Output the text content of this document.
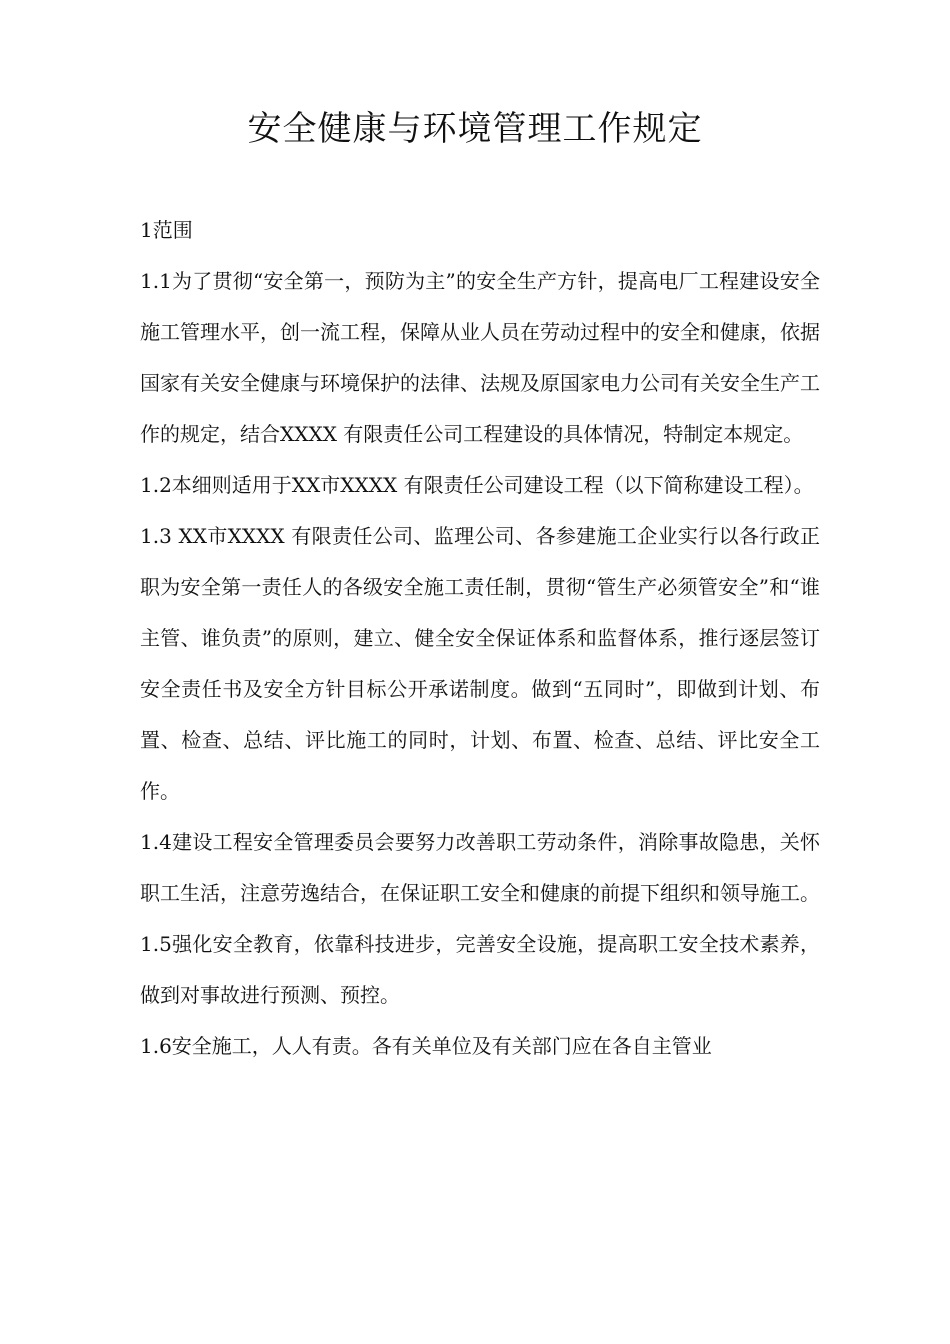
安全健康与环境管理工作规定

1范围

1.1为了贯彻“安全第一，预防为主”的安全生产方针，提高电厂工程建设安全施工管理水平，创一流工程，保障从业人员在劳动过程中的安全和健康，依据国家有关安全健康与环境保护的法律、法规及原国家电力公司有关安全生产工作的规定，结合XXXX 有限责任公司工程建设的具体情况，特制定本规定。

1.2本细则适用于XX市XXXX 有限责任公司建设工程（以下简称建设工程）。

1.3 XX市XXXX 有限责任公司、监理公司、各参建施工企业实行以各行政正职为安全第一责任人的各级安全施工责任制，贯彻“管生产必须管安全”和“谁主管、谁负责”的原则，建立、健全安全保证体系和监督体系，推行逐层签订安全责任书及安全方针目标公开承诺制度。做到“五同时”，即做到计划、布置、检查、总结、评比施工的同时，计划、布置、检查、总结、评比安全工作。

1.4建设工程安全管理委员会要努力改善职工劳动条件，消除事故隐患，关怀职工生活，注意劳逸结合，在保证职工安全和健康的前提下组织和领导施工。

1.5强化安全教育，依靠科技进步，完善安全设施，提高职工安全技术素养，做到对事故进行预测、预控。

1.6安全施工，人人有责。各有关单位及有关部门应在各自主管业
